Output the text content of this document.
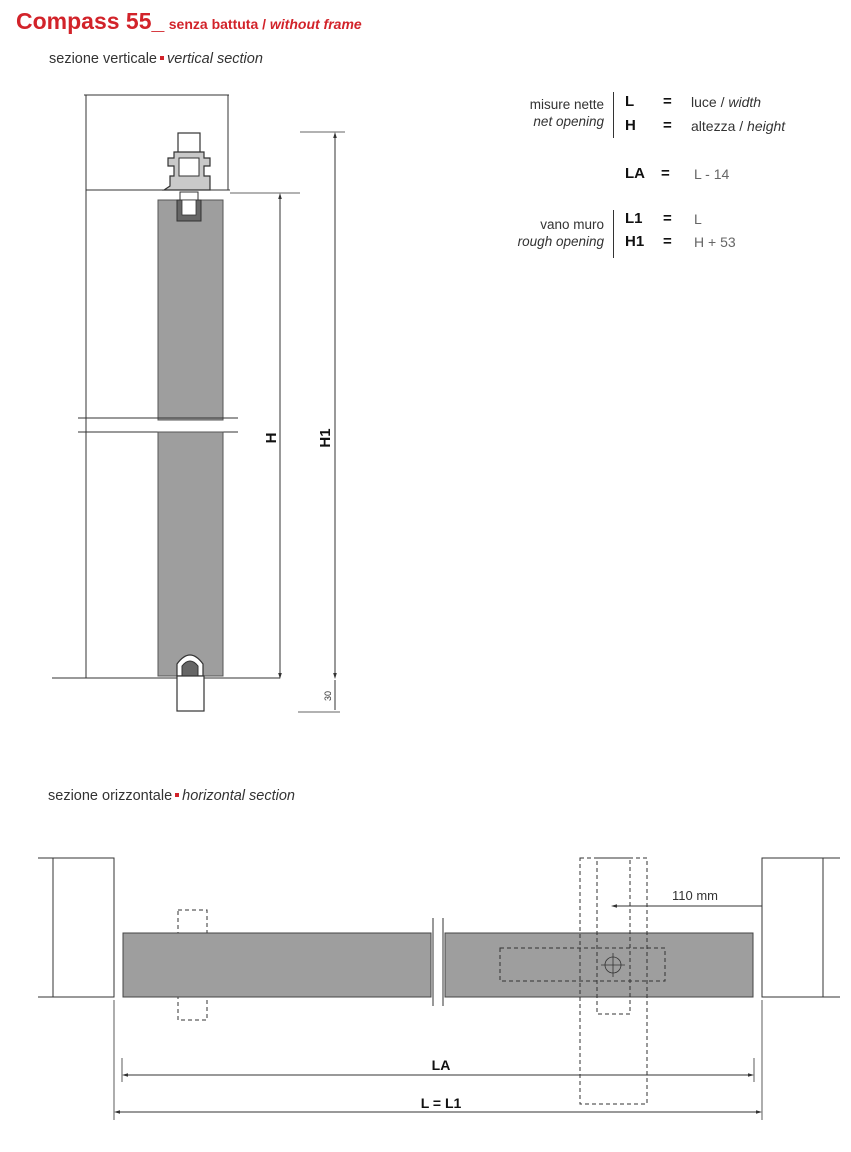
Compass 55_ senza battuta / without frame
sezione verticale vertical section
sezione orizzontale horizontal section
misure nette
net opening
L = luce / width
H = altezza / height
LA = L - 14
vano muro
rough opening
L1 = L
H1 = H + 53
H H1
30
110 mm
LA
L = L1
